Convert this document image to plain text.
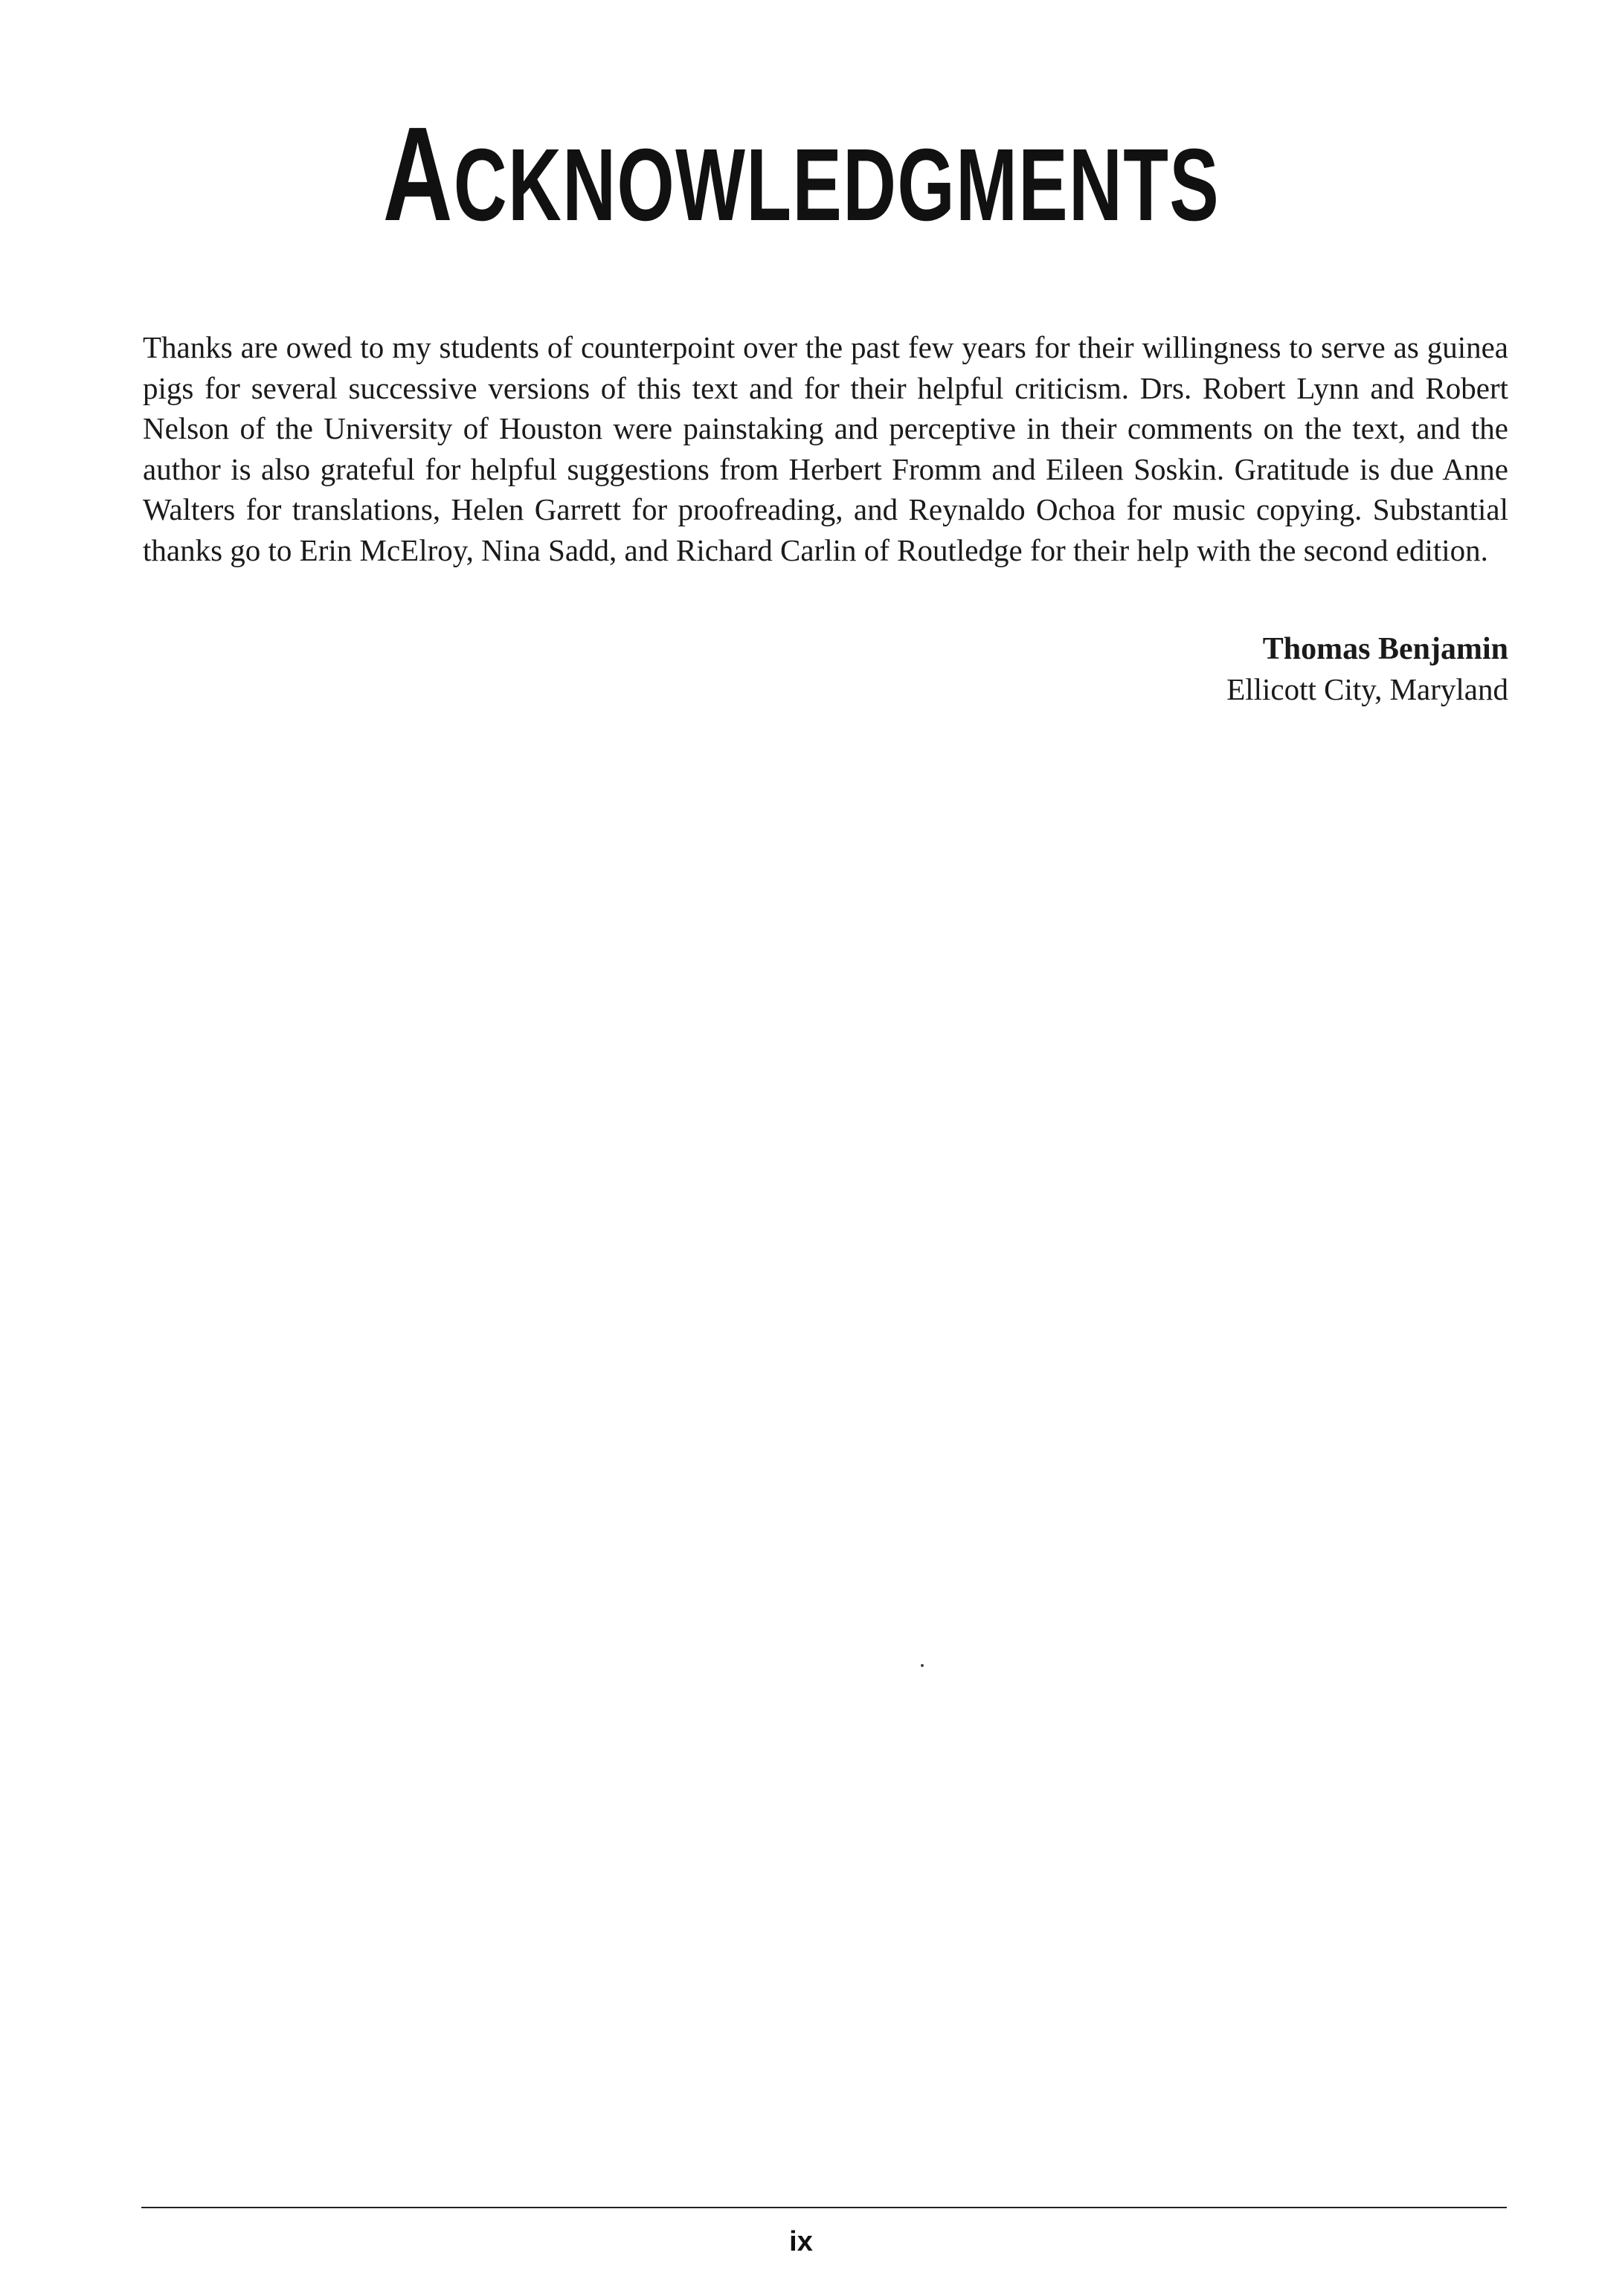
ACKNOWLEDGMENTS

Thanks are owed to my students of counterpoint over the past few years for their willingness to serve as guinea pigs for several successive versions of this text and for their helpful criticism. Drs. Robert Lynn and Robert Nelson of the University of Houston were painstaking and perceptive in their comments on the text, and the author is also grateful for helpful suggestions from Herbert Fromm and Eileen Soskin. Gratitude is due Anne Walters for translations, Helen Garrett for proofreading, and Reynaldo Ochoa for music copying. Substantial thanks go to Erin McElroy, Nina Sadd, and Richard Carlin of Routledge for their help with the second edition.

Thomas Benjamin
Ellicott City, Maryland
ix
